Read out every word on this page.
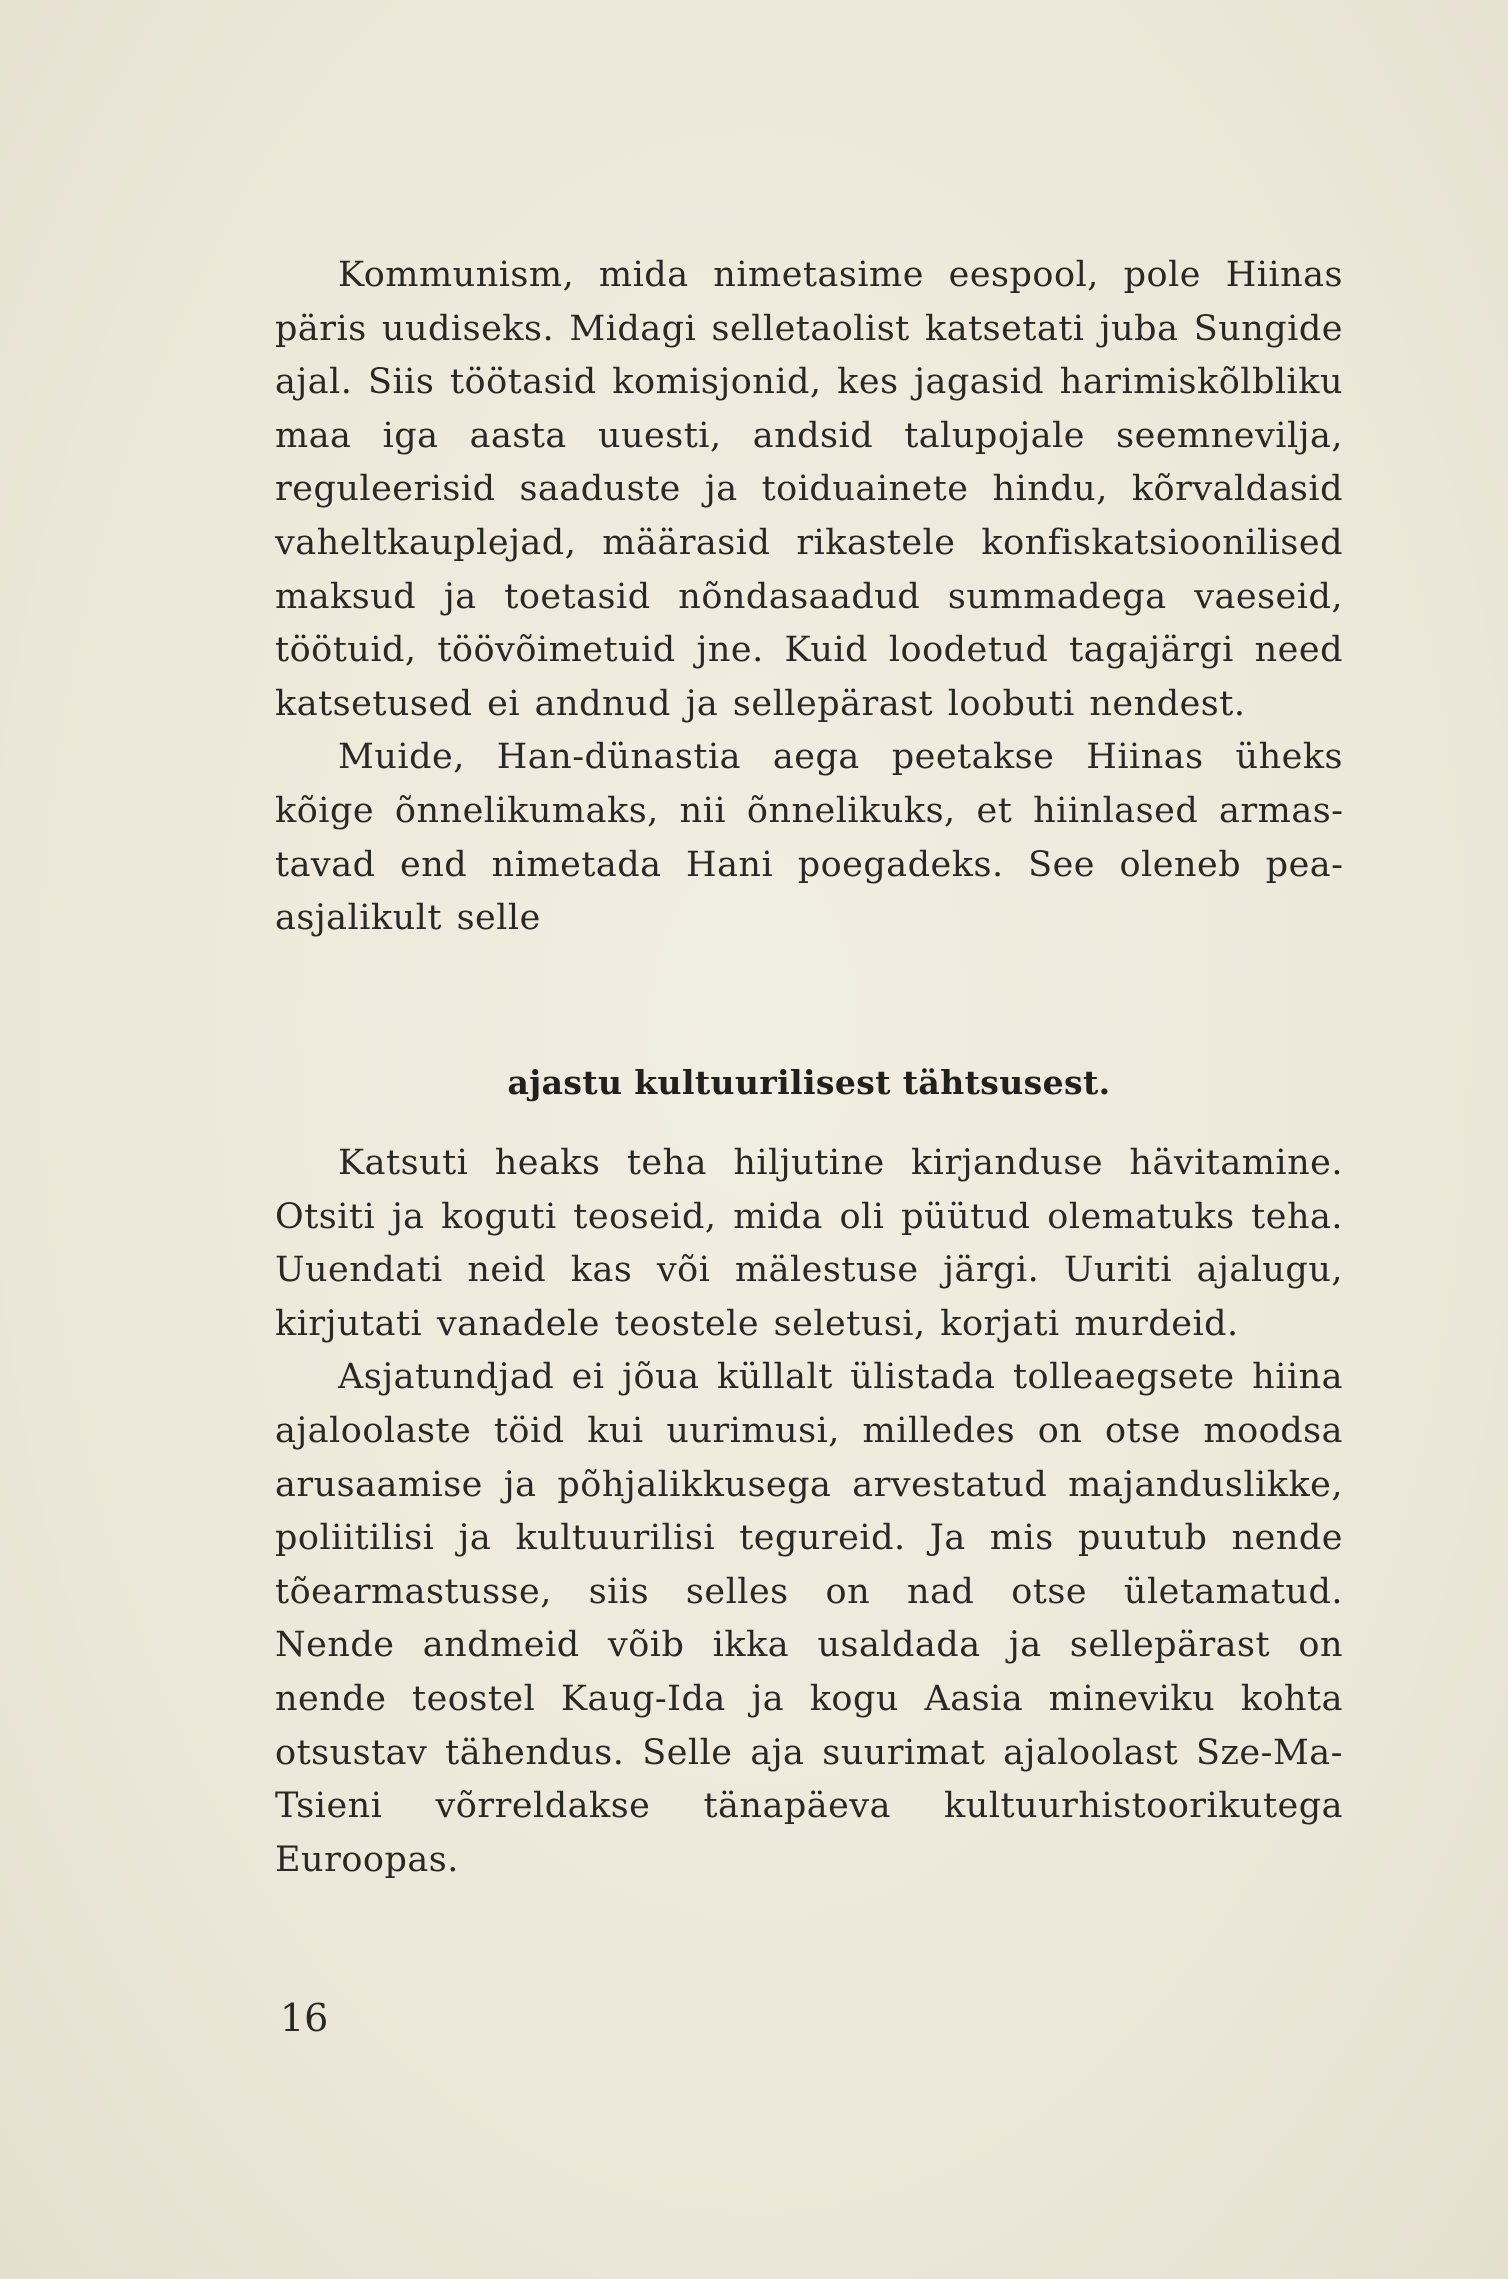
Kommunism, mida nimetasime eespool, pole Hiinas päris uudiseks. Midagi selletaolist katsetati juba Sungide ajal. Siis töötasid komisjonid, kes jagasid harimiskõlbliku maa iga aasta uuesti, andsid talupojale seemnevilja, reguleerisid saaduste ja toiduainete hindu, kõrvaldasid vaheltkauplejad, määrasid rikastele konfiskatsioonilised maksud ja toetasid nõndasaadud summadega vaeseid, töötuid, töövõimetuid jne. Kuid loodetud tagajärgi need katsetused ei andnud ja sellepärast loobuti nendest.

Muide, Han-dünastia aega peetakse Hiinas üheks kõige õnnelikumaks, nii õnnelikuks, et hiinlased armastavad end nimetada Hani poegadeks. See oleneb peaasjalikult selle

ajastu kultuurilisest tähtsusest.

Katsuti heaks teha hiljutine kirjanduse hävitamine. Otsiti ja koguti teoseid, mida oli püütud olematuks teha. Uuendati neid kas või mälestuse järgi. Uuriti ajalugu, kirjutati vanadele teostele seletusi, korjati murdeid.

Asjatundjad ei jõua küllalt ülistada tolleaegsete hiina ajaloolaste töid kui uurimusi, milledes on otse moodsa arusaamise ja põhjalikkusega arvestatud majanduslikke, poliitilisi ja kultuurilisi tegureid. Ja mis puutub nende tõearmastusse, siis selles on nad otse ületamatud. Nende andmeid võib ikka usaldada ja sellepärast on nende teostel Kaug-Ida ja kogu Aasia mineviku kohta otsustav tähendus. Selle aja suurimat ajaloolast Sze-Ma-Tsieni võrreldakse tänapäeva kultuurhistoorikutega Euroopas.

16
